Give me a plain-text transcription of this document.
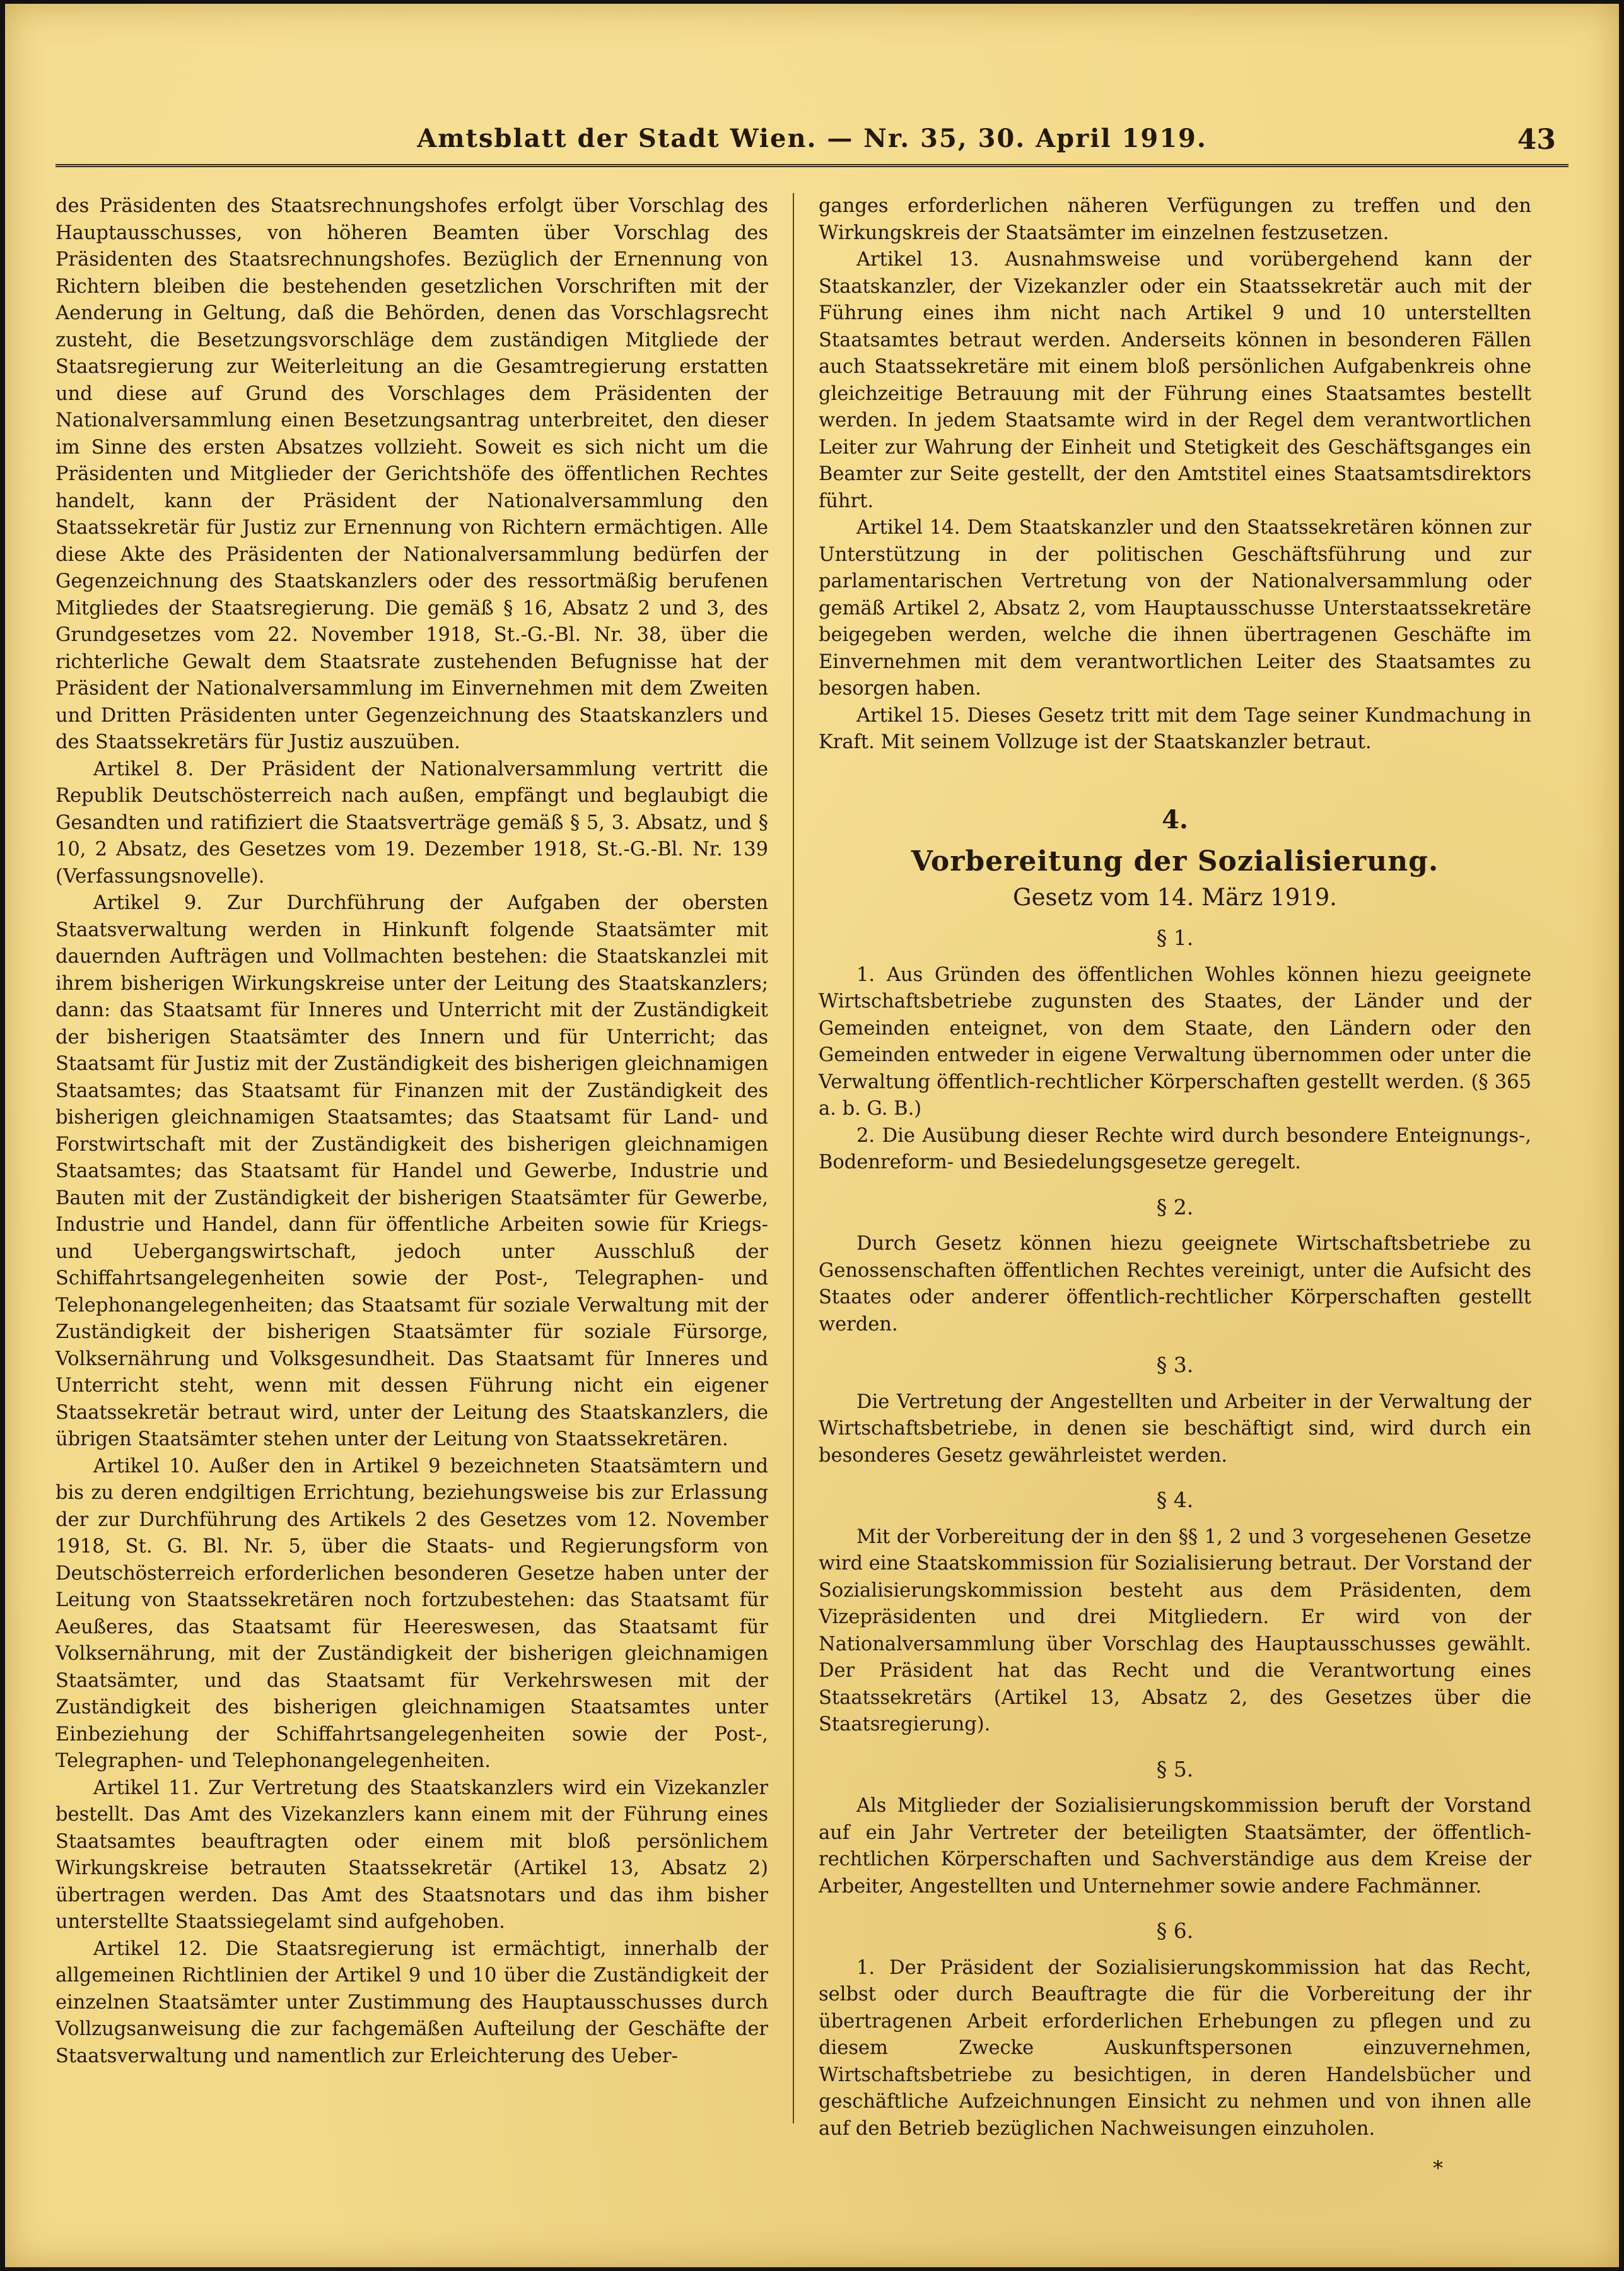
Amtsblatt der Stadt Wien. — Nr. 35, 30. April 1919.	43

des Präsidenten des Staatsrechnungshofes erfolgt über Vorschlag des Hauptausschusses, von höheren Beamten über Vorschlag des Präsidenten des Staatsrechnungshofes. Bezüglich der Ernennung von Richtern bleiben die bestehenden gesetzlichen Vorschriften mit der Aenderung in Geltung, daß die Behörden, denen das Vorschlagsrecht zusteht, die Besetzungsvorschläge dem zuständigen Mitgliede der Staatsregierung zur Weiterleitung an die Gesamtregierung erstatten und diese auf Grund des Vorschlages dem Präsidenten der Nationalversammlung einen Besetzungsantrag unterbreitet, den dieser im Sinne des ersten Absatzes vollzieht. Soweit es sich nicht um die Präsidenten und Mitglieder der Gerichtshöfe des öffentlichen Rechtes handelt, kann der Präsident der Nationalversammlung den Staatssekretär für Justiz zur Ernennung von Richtern ermächtigen. Alle diese Akte des Präsidenten der Nationalversammlung bedürfen der Gegenzeichnung des Staatskanzlers oder des ressortmäßig berufenen Mitgliedes der Staatsregierung. Die gemäß § 16, Absatz 2 und 3, des Grundgesetzes vom 22. November 1918, St.-G.-Bl. Nr. 38, über die richterliche Gewalt dem Staatsrate zustehenden Befugnisse hat der Präsident der Nationalversammlung im Einvernehmen mit dem Zweiten und Dritten Präsidenten unter Gegenzeichnung des Staatskanzlers und des Staatssekretärs für Justiz auszuüben.

Artikel 8. Der Präsident der Nationalversammlung vertritt die Republik Deutschösterreich nach außen, empfängt und beglaubigt die Gesandten und ratifiziert die Staatsverträge gemäß § 5, 3. Absatz, und § 10, 2 Absatz, des Gesetzes vom 19. Dezember 1918, St.-G.-Bl. Nr. 139 (Verfassungsnovelle).

Artikel 9. Zur Durchführung der Aufgaben der obersten Staatsverwaltung werden in Hinkunft folgende Staatsämter mit dauernden Aufträgen und Vollmachten bestehen: die Staatskanzlei mit ihrem bisherigen Wirkungskreise unter der Leitung des Staatskanzlers; dann: das Staatsamt für Inneres und Unterricht mit der Zuständigkeit der bisherigen Staatsämter des Innern und für Unterricht; das Staatsamt für Justiz mit der Zuständigkeit des bisherigen gleichnamigen Staatsamtes; das Staatsamt für Finanzen mit der Zuständigkeit des bisherigen gleichnamigen Staatsamtes; das Staatsamt für Land- und Forstwirtschaft mit der Zuständigkeit des bisherigen gleichnamigen Staatsamtes; das Staatsamt für Handel und Gewerbe, Industrie und Bauten mit der Zuständigkeit der bisherigen Staatsämter für Gewerbe, Industrie und Handel, dann für öffentliche Arbeiten sowie für Kriegs- und Uebergangswirtschaft, jedoch unter Ausschluß der Schiffahrtsangelegenheiten sowie der Post-, Telegraphen- und Telephonangelegenheiten; das Staatsamt für soziale Verwaltung mit der Zuständigkeit der bisherigen Staatsämter für soziale Fürsorge, Volksernährung und Volksgesundheit. Das Staatsamt für Inneres und Unterricht steht, wenn mit dessen Führung nicht ein eigener Staatssekretär betraut wird, unter der Leitung des Staatskanzlers, die übrigen Staatsämter stehen unter der Leitung von Staatssekretären.

Artikel 10. Außer den in Artikel 9 bezeichneten Staatsämtern und bis zu deren endgiltigen Errichtung, beziehungsweise bis zur Erlassung der zur Durchführung des Artikels 2 des Gesetzes vom 12. November 1918, St. G. Bl. Nr. 5, über die Staats- und Regierungsform von Deutschösterreich erforderlichen besonderen Gesetze haben unter der Leitung von Staatssekretären noch fortzubestehen: das Staatsamt für Aeußeres, das Staatsamt für Heereswesen, das Staatsamt für Volksernährung, mit der Zuständigkeit der bisherigen gleichnamigen Staatsämter, und das Staatsamt für Verkehrswesen mit der Zuständigkeit des bisherigen gleichnamigen Staatsamtes unter Einbeziehung der Schiffahrtsangelegenheiten sowie der Post-, Telegraphen- und Telephonangelegenheiten.

Artikel 11. Zur Vertretung des Staatskanzlers wird ein Vizekanzler bestellt. Das Amt des Vizekanzlers kann einem mit der Führung eines Staatsamtes beauftragten oder einem mit bloß persönlichem Wirkungskreise betrauten Staatssekretär (Artikel 13, Absatz 2) übertragen werden. Das Amt des Staatsnotars und das ihm bisher unterstellte Staatssiegelamt sind aufgehoben.

Artikel 12. Die Staatsregierung ist ermächtigt, innerhalb der allgemeinen Richtlinien der Artikel 9 und 10 über die Zuständigkeit der einzelnen Staatsämter unter Zustimmung des Hauptausschusses durch Vollzugsanweisung die zur fachgemäßen Aufteilung der Geschäfte der Staatsverwaltung und namentlich zur Erleichterung des Ueber-

ganges erforderlichen näheren Verfügungen zu treffen und den Wirkungskreis der Staatsämter im einzelnen festzusetzen.

Artikel 13. Ausnahmsweise und vorübergehend kann der Staatskanzler, der Vizekanzler oder ein Staatssekretär auch mit der Führung eines ihm nicht nach Artikel 9 und 10 unterstellten Staatsamtes betraut werden. Anderseits können in besonderen Fällen auch Staatssekretäre mit einem bloß persönlichen Aufgabenkreis ohne gleichzeitige Betrauung mit der Führung eines Staatsamtes bestellt werden. In jedem Staatsamte wird in der Regel dem verantwortlichen Leiter zur Wahrung der Einheit und Stetigkeit des Geschäftsganges ein Beamter zur Seite gestellt, der den Amtstitel eines Staatsamtsdirektors führt.

Artikel 14. Dem Staatskanzler und den Staatssekretären können zur Unterstützung in der politischen Geschäftsführung und zur parlamentarischen Vertretung von der Nationalversammlung oder gemäß Artikel 2, Absatz 2, vom Hauptausschusse Unterstaatssekretäre beigegeben werden, welche die ihnen übertragenen Geschäfte im Einvernehmen mit dem verantwortlichen Leiter des Staatsamtes zu besorgen haben.

Artikel 15. Dieses Gesetz tritt mit dem Tage seiner Kundmachung in Kraft. Mit seinem Vollzuge ist der Staatskanzler betraut.

4.

Vorbereitung der Sozialisierung.

Gesetz vom 14. März 1919.

§ 1.

1. Aus Gründen des öffentlichen Wohles können hiezu geeignete Wirtschaftsbetriebe zugunsten des Staates, der Länder und der Gemeinden enteignet, von dem Staate, den Ländern oder den Gemeinden entweder in eigene Verwaltung übernommen oder unter die Verwaltung öffentlich-rechtlicher Körperschaften gestellt werden. (§ 365 a. b. G. B.)

2. Die Ausübung dieser Rechte wird durch besondere Enteignungs-, Bodenreform- und Besiedelungsgesetze geregelt.

§ 2.

Durch Gesetz können hiezu geeignete Wirtschaftsbetriebe zu Genossenschaften öffentlichen Rechtes vereinigt, unter die Aufsicht des Staates oder anderer öffentlich-rechtlicher Körperschaften gestellt werden.

§ 3.

Die Vertretung der Angestellten und Arbeiter in der Verwaltung der Wirtschaftsbetriebe, in denen sie beschäftigt sind, wird durch ein besonderes Gesetz gewährleistet werden.

§ 4.

Mit der Vorbereitung der in den §§ 1, 2 und 3 vorgesehenen Gesetze wird eine Staatskommission für Sozialisierung betraut. Der Vorstand der Sozialisierungskommission besteht aus dem Präsidenten, dem Vizepräsidenten und drei Mitgliedern. Er wird von der Nationalversammlung über Vorschlag des Hauptausschusses gewählt. Der Präsident hat das Recht und die Verantwortung eines Staatssekretärs (Artikel 13, Absatz 2, des Gesetzes über die Staatsregierung).

§ 5.

Als Mitglieder der Sozialisierungskommission beruft der Vorstand auf ein Jahr Vertreter der beteiligten Staatsämter, der öffentlich-rechtlichen Körperschaften und Sachverständige aus dem Kreise der Arbeiter, Angestellten und Unternehmer sowie andere Fachmänner.

§ 6.

1. Der Präsident der Sozialisierungskommission hat das Recht, selbst oder durch Beauftragte die für die Vorbereitung der ihr übertragenen Arbeit erforderlichen Erhebungen zu pflegen und zu diesem Zwecke Auskunftspersonen einzuvernehmen, Wirtschaftsbetriebe zu besichtigen, in deren Handelsbücher und geschäftliche Aufzeichnungen Einsicht zu nehmen und von ihnen alle auf den Betrieb bezüglichen Nachweisungen einzuholen.

*
